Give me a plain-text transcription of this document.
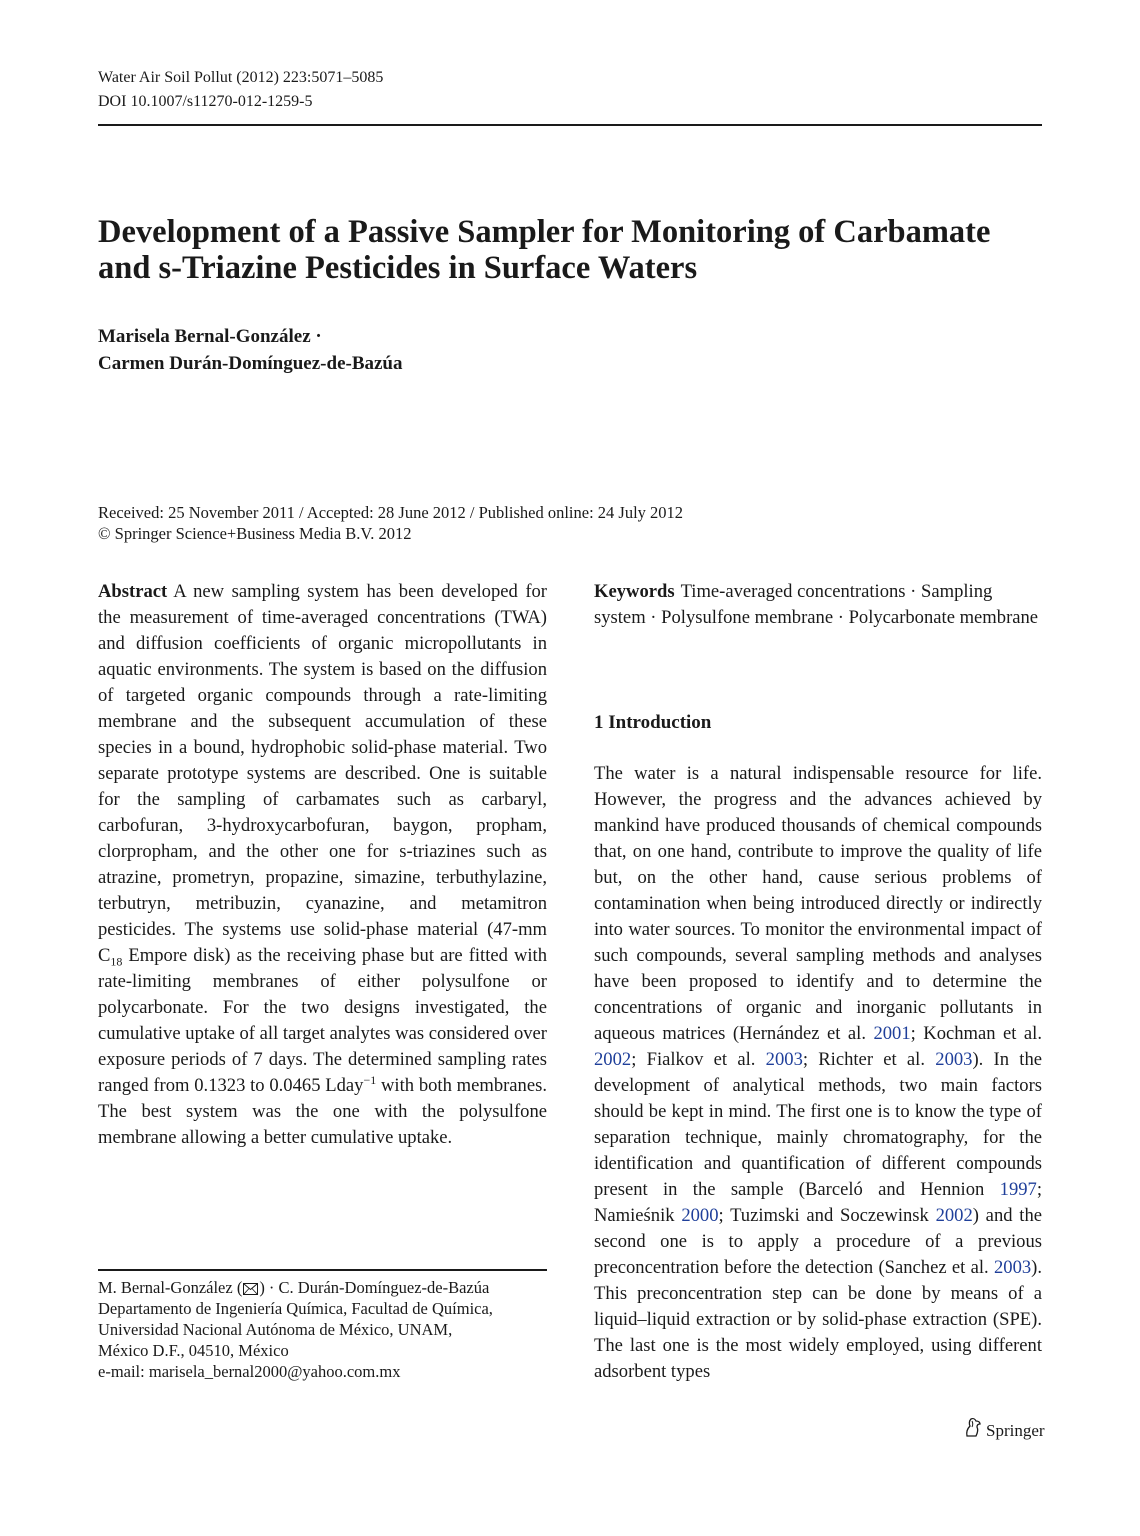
Water Air Soil Pollut (2012) 223:5071–5085
DOI 10.1007/s11270-012-1259-5
Development of a Passive Sampler for Monitoring of Carbamate
and s-Triazine Pesticides in Surface Waters
Marisela Bernal-González ·
Carmen Durán-Domínguez-de-Bazúa
Received: 25 November 2011 / Accepted: 28 June 2012 / Published online: 24 July 2012
© Springer Science+Business Media B.V. 2012
Abstract A new sampling system has been developed for the measurement of time-averaged concentrations (TWA) and diffusion coefficients of organic micropollutants in aquatic environments. The system is based on the diffusion of targeted organic compounds through a rate-limiting membrane and the subsequent accumulation of these species in a bound, hydrophobic solid-phase material. Two separate prototype systems are described. One is suitable for the sampling of carbamates such as carbaryl, carbofuran, 3-hydroxycarbofuran, baygon, propham, clorpropham, and the other one for s-triazines such as atrazine, prometryn, propazine, simazine, terbuthylazine, terbutryn, metribuzin, cyanazine, and metamitron pesticides. The systems use solid-phase material (47-mm $C_{18}$ Empore disk) as the receiving phase but are fitted with rate-limiting membranes of either polysulfone or polycarbonate. For the two designs investigated, the cumulative uptake of all target analytes was considered over exposure periods of 7 days. The determined sampling rates ranged from 0.1323 to 0.0465 Lday$^{-1}$ with both membranes. The best system was the one with the polysulfone membrane allowing a better cumulative uptake.
Keywords Time-averaged concentrations · Sampling system · Polysulfone membrane · Polycarbonate membrane
1 Introduction
The water is a natural indispensable resource for life. However, the progress and the advances achieved by mankind have produced thousands of chemical compounds that, on one hand, contribute to improve the quality of life but, on the other hand, cause serious problems of contamination when being introduced directly or indirectly into water sources. To monitor the environmental impact of such compounds, several sampling methods and analyses have been proposed to identify and to determine the concentrations of organic and inorganic pollutants in aqueous matrices (Hernández et al. 2001; Kochman et al. 2002; Fialkov et al. 2003; Richter et al. 2003). In the development of analytical methods, two main factors should be kept in mind. The first one is to know the type of separation technique, mainly chromatography, for the identification and quantification of different compounds present in the sample (Barceló and Hennion 1997; Namieśnik 2000; Tuzimski and Soczewinsk 2002) and the second one is to apply a procedure of a previous preconcentration before the detection (Sanchez et al. 2003). This preconcentration step can be done by means of a liquid–liquid extraction or by solid-phase extraction (SPE). The last one is the most widely employed, using different adsorbent types
M. Bernal-González ( ) · C. Durán-Domínguez-de-Bazúa
Departamento de Ingeniería Química, Facultad de Química,
Universidad Nacional Autónoma de México, UNAM,
México D.F., 04510, México
e-mail: marisela_bernal2000@yahoo.com.mx
Springer
